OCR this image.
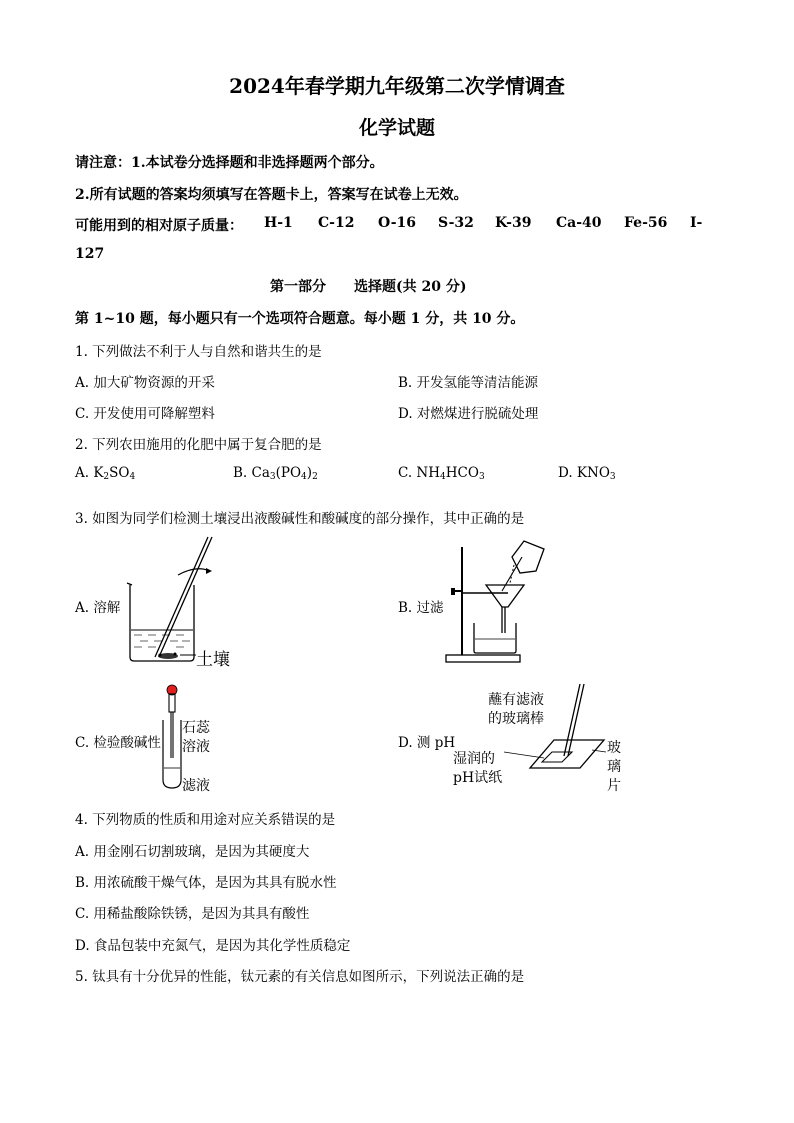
2024年春学期九年级第二次学情调查
化学试题
请注意：1.本试卷分选择题和非选择题两个部分。
2.所有试题的答案均须填写在答题卡上，答案写在试卷上无效。
可能用到的相对原子质量： H-1 C-12 O-16 S-32 K-39 Ca-40 Fe-56 I-
127
第一部分　　选择题(共 20 分)
第 1~10 题，每小题只有一个选项符合题意。每小题 1 分，共 10 分。
1. 下列做法不利于人与自然和谐共生的是
A. 加大矿物资源的开采	B. 开发氢能等清洁能源
C. 开发使用可降解塑料	D. 对燃煤进行脱硫处理
2. 下列农田施用的化肥中属于复合肥的是
A. $K_2SO_4$	B. $Ca_3(PO_4)_2$	C. $NH_4HCO_3$	D. $KNO_3$
3. 如图为同学们检测土壤浸出液酸碱性和酸碱度的部分操作，其中正确的是
A. 溶解	B. 过滤
C. 检验酸碱性	D. 测 pH
土壤
石蕊
溶液
滤液
蘸有滤液
的玻璃棒
湿润的
pH试纸
玻
璃
片
4. 下列物质的性质和用途对应关系错误的是
A. 用金刚石切割玻璃，是因为其硬度大
B. 用浓硫酸干燥气体，是因为其具有脱水性
C. 用稀盐酸除铁锈，是因为其具有酸性
D. 食品包装中充氮气，是因为其化学性质稳定
5. 钛具有十分优异的性能，钛元素的有关信息如图所示，下列说法正确的是
